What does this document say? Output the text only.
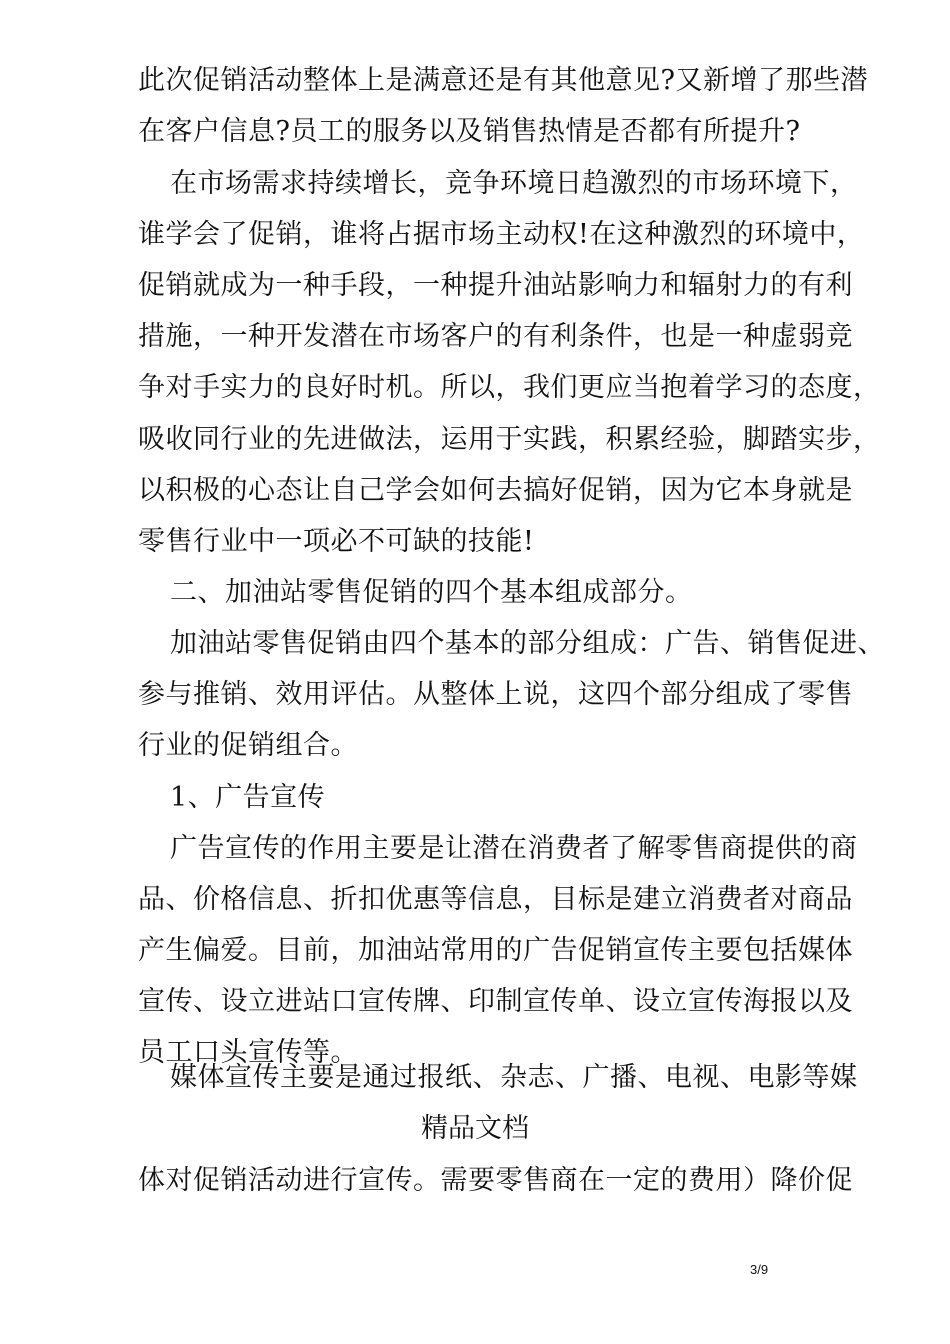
此次促销活动整体上是满意还是有其他意见?又新增了那些潜
在客户信息?员工的服务以及销售热情是否都有所提升?
在市场需求持续增长，竞争环境日趋激烈的市场环境下，
谁学会了促销，谁将占据市场主动权!在这种激烈的环境中，
促销就成为一种手段，一种提升油站影响力和辐射力的有利
措施，一种开发潜在市场客户的有利条件，也是一种虚弱竞
争对手实力的良好时机。所以，我们更应当抱着学习的态度，
吸收同行业的先进做法，运用于实践，积累经验，脚踏实步，
以积极的心态让自己学会如何去搞好促销，因为它本身就是
零售行业中一项必不可缺的技能!
二、加油站零售促销的四个基本组成部分。
加油站零售促销由四个基本的部分组成：广告、销售促进、
参与推销、效用评估。从整体上说，这四个部分组成了零售
行业的促销组合。
1、广告宣传
广告宣传的作用主要是让潜在消费者了解零售商提供的商
品、价格信息、折扣优惠等信息，目标是建立消费者对商品
产生偏爱。目前，加油站常用的广告促销宣传主要包括媒体
宣传、设立进站口宣传牌、印制宣传单、设立宣传海报以及
员工口头宣传等。
媒体宣传主要是通过报纸、杂志、广播、电视、电影等媒
精品文档
体对促销活动进行宣传。需要零售商在一定的费用）降价促
3/9
